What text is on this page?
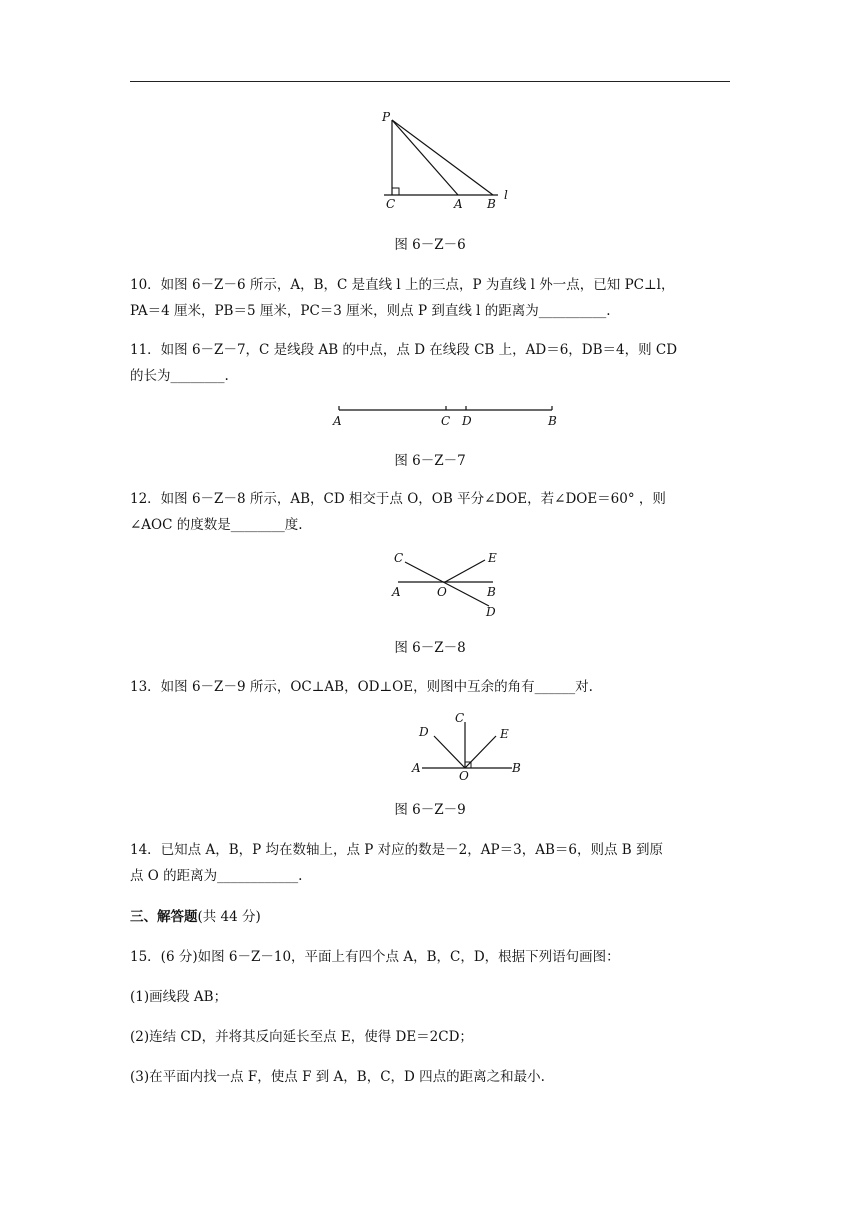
P
C	A B
l
图 6－Z－6
10．如图 6－Z－6 所示，A，B，C 是直线 l 上的三点，P 为直线 l 外一点，已知 PC⊥l，
PA＝4 厘米，PB＝5 厘米，PC＝3 厘米，则点 P 到直线 l 的距离为__________.
11．如图 6－Z－7，C 是线段 AB 的中点，点 D 在线段 CB 上，AD＝6，DB＝4，则 CD
的长为________.
A	C D	B
图 6－Z－7
12．如图 6－Z－8 所示，AB，CD 相交于点 O，OB 平分∠DOE，若∠DOE＝60° ，则
∠AOC 的度数是________度.
C	E
A	O	B
D
图 6－Z－8
13．如图 6－Z－9 所示，OC⊥AB，OD⊥OE，则图中互余的角有______对.
C
D	E
A
O
B
图 6－Z－9
14．已知点 A，B，P 均在数轴上，点 P 对应的数是－2，AP＝3，AB＝6，则点 B 到原
点 O 的距离为____________.
三、解答题(共 44 分)
15．(6 分)如图 6－Z－10，平面上有四个点 A，B，C，D，根据下列语句画图：
(1)画线段 AB；
(2)连结 CD，并将其反向延长至点 E，使得 DE＝2CD；
(3)在平面内找一点 F，使点 F 到 A，B，C，D 四点的距离之和最小.
